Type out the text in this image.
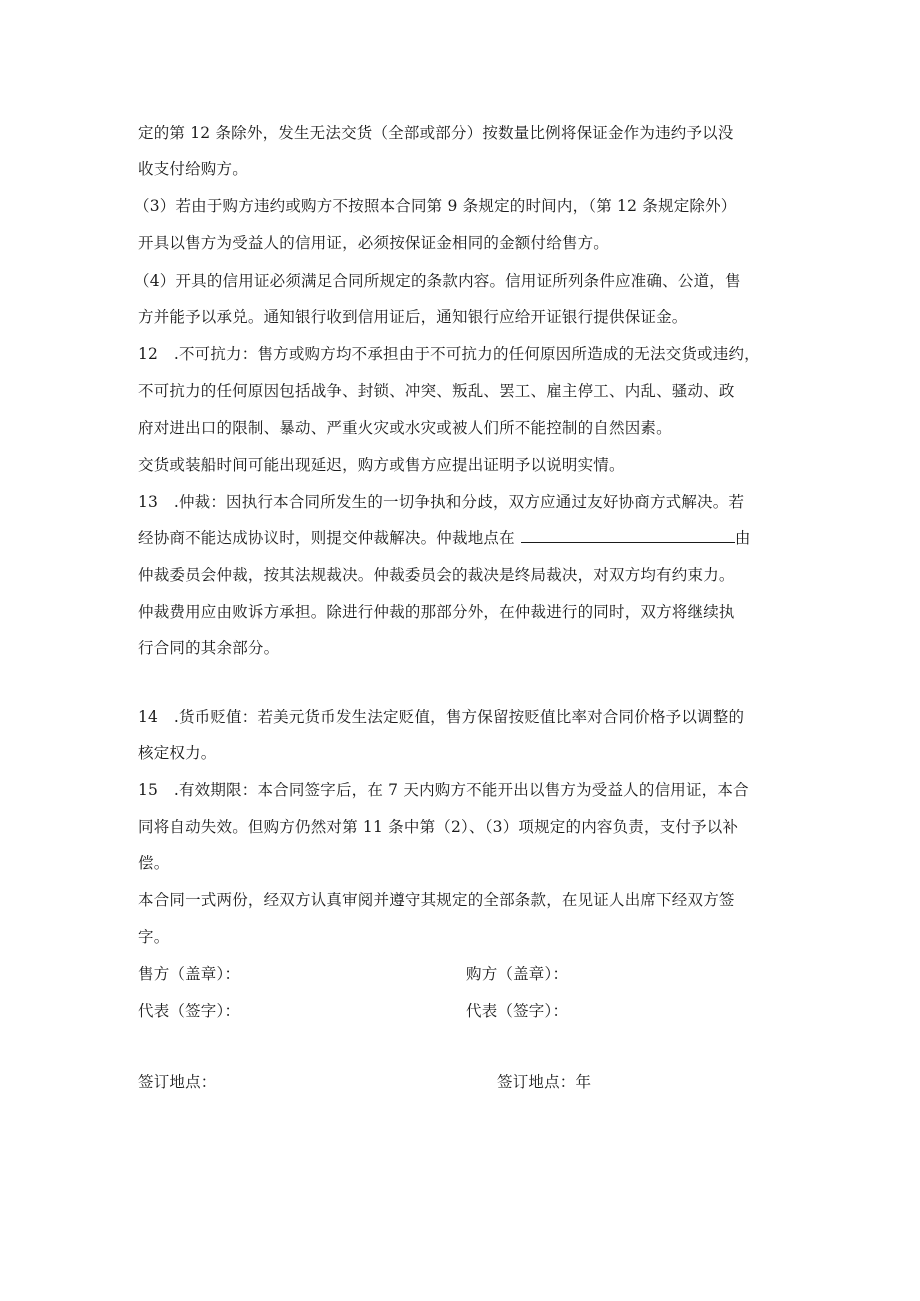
定的第 12 条除外，发生无法交货（全部或部分）按数量比例将保证金作为违约予以没
收支付给购方。
（3）若由于购方违约或购方不按照本合同第 9 条规定的时间内，（第 12 条规定除外）
开具以售方为受益人的信用证，必须按保证金相同的金额付给售方。
（4）开具的信用证必须满足合同所规定的条款内容。信用证所列条件应准确、公道，售
方并能予以承兑。通知银行收到信用证后，通知银行应给开证银行提供保证金。
12　.不可抗力：售方或购方均不承担由于不可抗力的任何原因所造成的无法交货或违约，
不可抗力的任何原因包括战争、封锁、冲突、叛乱、罢工、雇主停工、内乱、骚动、政
府对进出口的限制、暴动、严重火灾或水灾或被人们所不能控制的自然因素。
交货或装船时间可能出现延迟，购方或售方应提出证明予以说明实情。
13　.仲裁：因执行本合同所发生的一切争执和分歧，双方应通过友好协商方式解决。若
经协商不能达成协议时，则提交仲裁解决。仲裁地点在	由
仲裁委员会仲裁，按其法规裁决。仲裁委员会的裁决是终局裁决，对双方均有约束力。
仲裁费用应由败诉方承担。除进行仲裁的那部分外，在仲裁进行的同时，双方将继续执
行合同的其余部分。
14　.货币贬值：若美元货币发生法定贬值，售方保留按贬值比率对合同价格予以调整的
核定权力。
15　.有效期限：本合同签字后，在 7 天内购方不能开出以售方为受益人的信用证，本合
同将自动失效。但购方仍然对第 11 条中第（2）、（3）项规定的内容负责，支付予以补
偿。
本合同一式两份，经双方认真审阅并遵守其规定的全部条款，在见证人出席下经双方签
字。
售方（盖章）：	购方（盖章）：
代表（签字）：	代表（签字）：
签订地点：	签订地点：年
